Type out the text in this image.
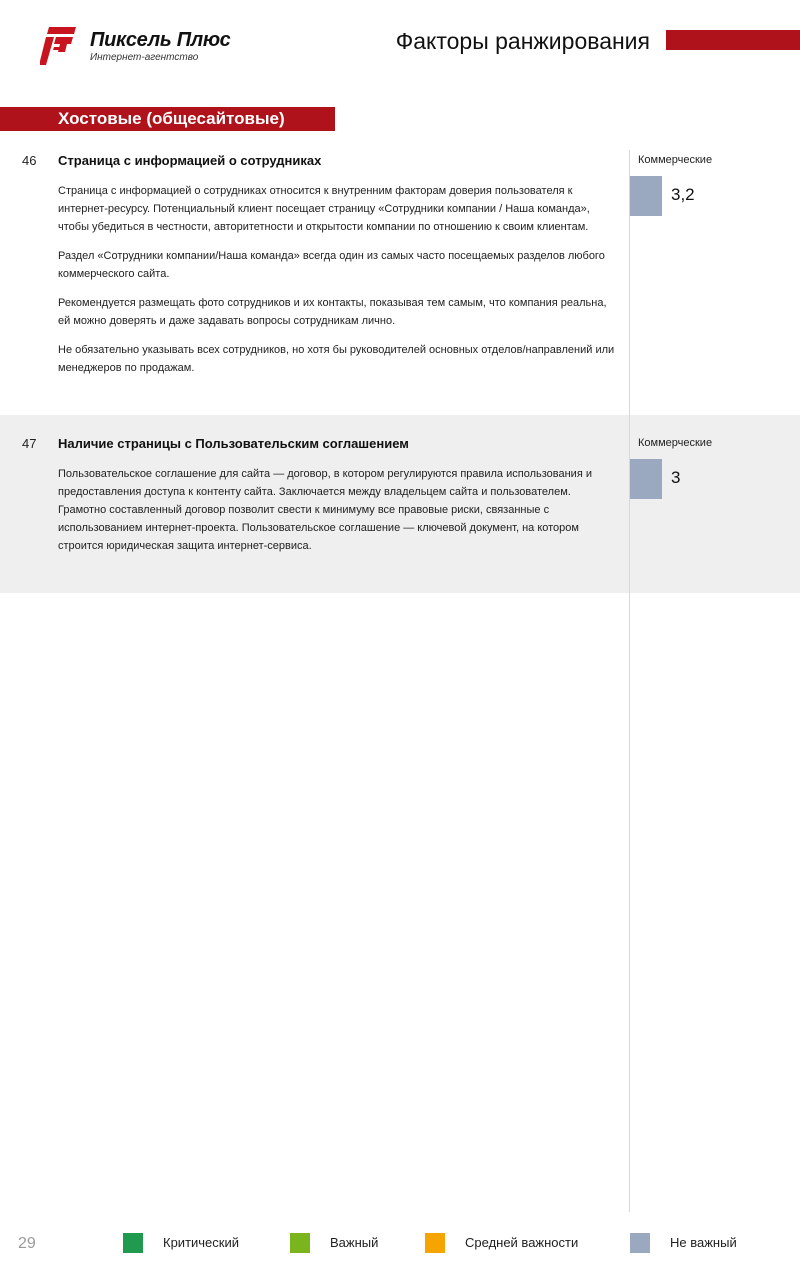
Пиксель Плюс
Интернет-агентство
Факторы ранжирования
Хостовые (общесайтовые)
46 Страница с информацией о сотрудниках

Страница с информацией о сотрудниках относится к внутренним факторам доверия пользователя к интернет-ресурсу. Потенциальный клиент посещает страницу «Сотрудники компании / Наша команда», чтобы убедиться в честности, авторитетности и открытости компании по отношению к своим клиентам.

Раздел «Сотрудники компании/Наша команда» всегда один из самых часто посещаемых разделов любого коммерческого сайта.

Рекомендуется размещать фото сотрудников и их контакты, показывая тем самым, что компания реальна, ей можно доверять и даже задавать вопросы сотрудникам лично.

Не обязательно указывать всех сотрудников, но хотя бы руководителей основных отделов/направлений или менеджеров по продажам.

Коммерческие
3,2
47 Наличие страницы с Пользовательским соглашением

Пользовательское соглашение для сайта — договор, в котором регулируются правила использования и предоставления доступа к контенту сайта. Заключается между владельцем сайта и пользователем. Грамотно составленный договор позволит свести к минимуму все правовые риски, связанные с использованием интернет-проекта. Пользовательское соглашение — ключевой документ, на котором строится юридическая защита интернет-сервиса.

Коммерческие
3
29	Критический	Важный	Средней важности	Не важный
